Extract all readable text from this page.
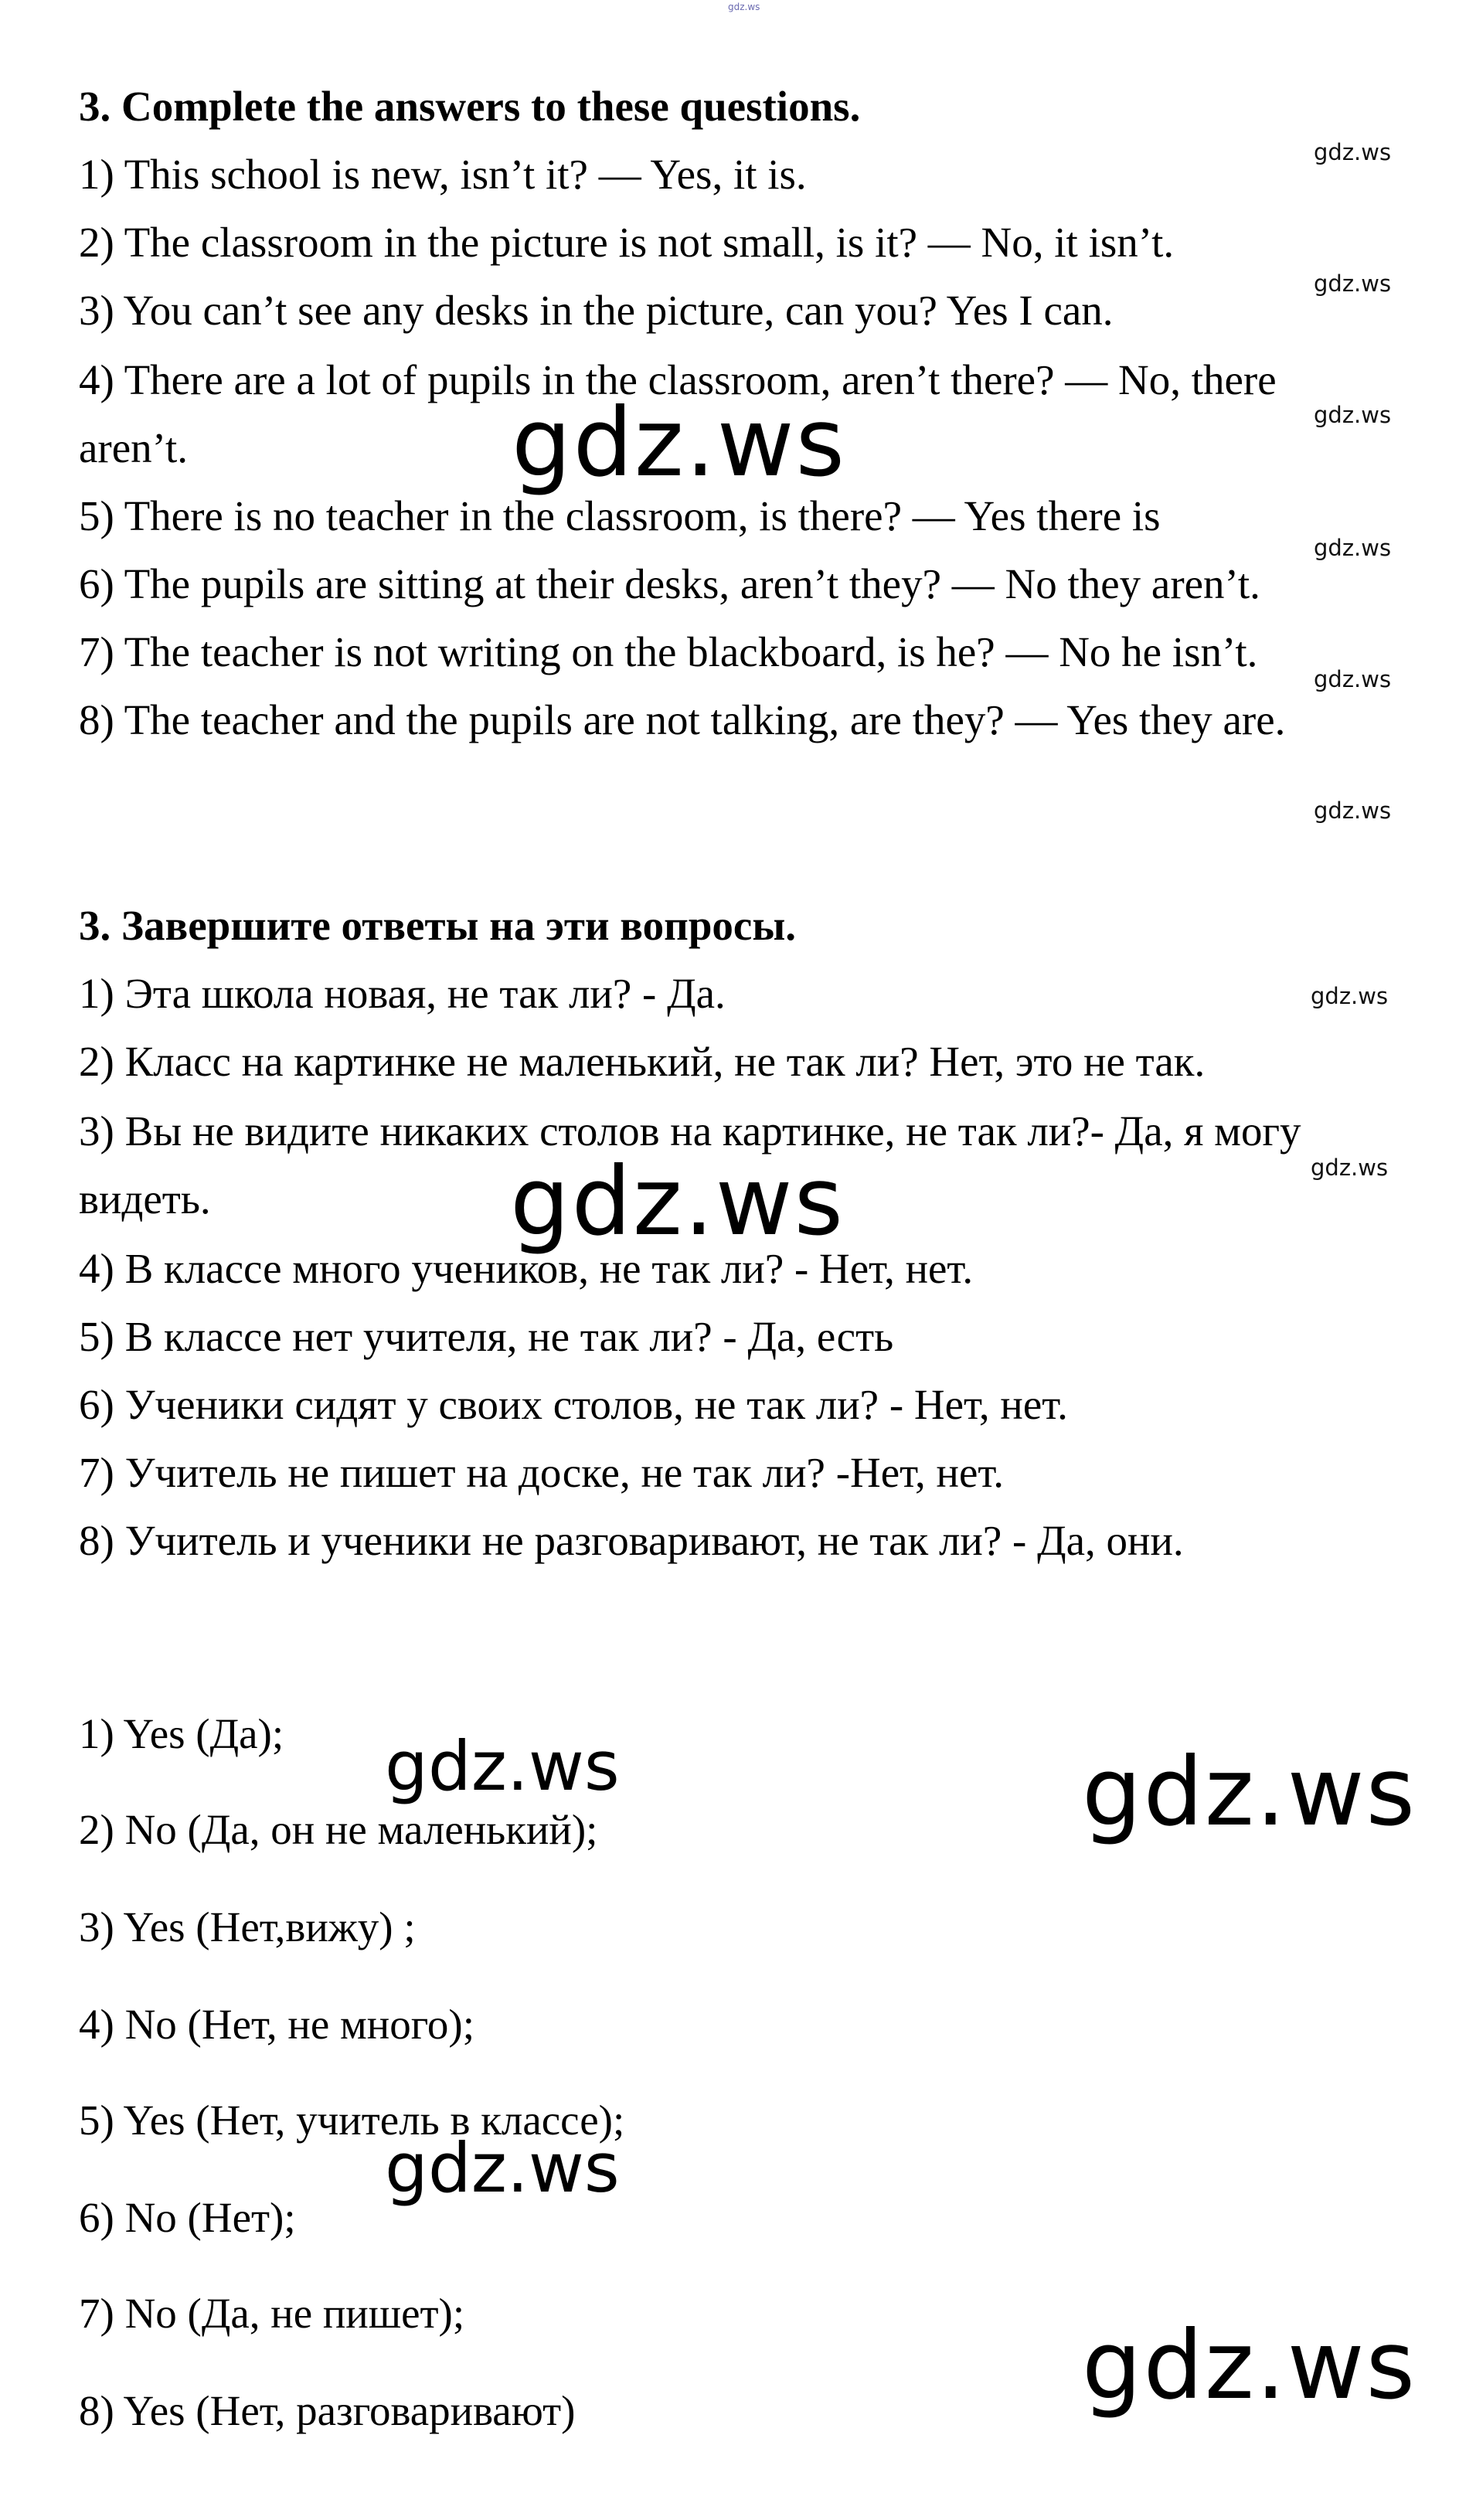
gdz.ws
3. Complete the answers to these questions.
1) This school is new, isn’t it? — Yes, it is.
2) The classroom in the picture is not small, is it? — No, it isn’t.
3) You can’t see any desks in the picture, can you? Yes I can.
4) There are a lot of pupils in the classroom, aren’t there? — No, there
aren’t.
5) There is no teacher in the classroom, is there? — Yes there is
6) The pupils are sitting at their desks, aren’t they? — No they aren’t.
7) The teacher is not writing on the blackboard, is he? — No he isn’t.
8) The teacher and the pupils are not talking, are they? — Yes they are.
3. Завершите ответы на эти вопросы.
1) Эта школа новая, не так ли? - Да.
2) Класс на картинке не маленький, не так ли? Нет, это не так.
3) Вы не видите никаких столов на картинке, не так ли?- Да, я могу
видеть.
4) В классе много учеников, не так ли? - Нет, нет.
5) В классе нет учителя, не так ли? - Да, есть
6) Ученики сидят у своих столов, не так ли? - Нет, нет.
7) Учитель не пишет на доске, не так ли? -Нет, нет.
8) Учитель и ученики не разговаривают, не так ли? - Да, они.
1) Yes (Да);
2) No (Да, он не маленький);
3) Yes (Нет,вижу) ;
4) No (Нет, не много);
5) Yes (Нет, учитель в классе);
6) No (Нет);
7) No (Да, не пишет);
8) Yes (Нет, разговаривают)
gdz.ws
gdz.ws
gdz.ws
gdz.ws
gdz.ws
gdz.ws
gdz.ws
gdz.ws
gdz.ws
gdz.ws
gdz.ws	gdz.ws
gdz.ws
gdz.ws
